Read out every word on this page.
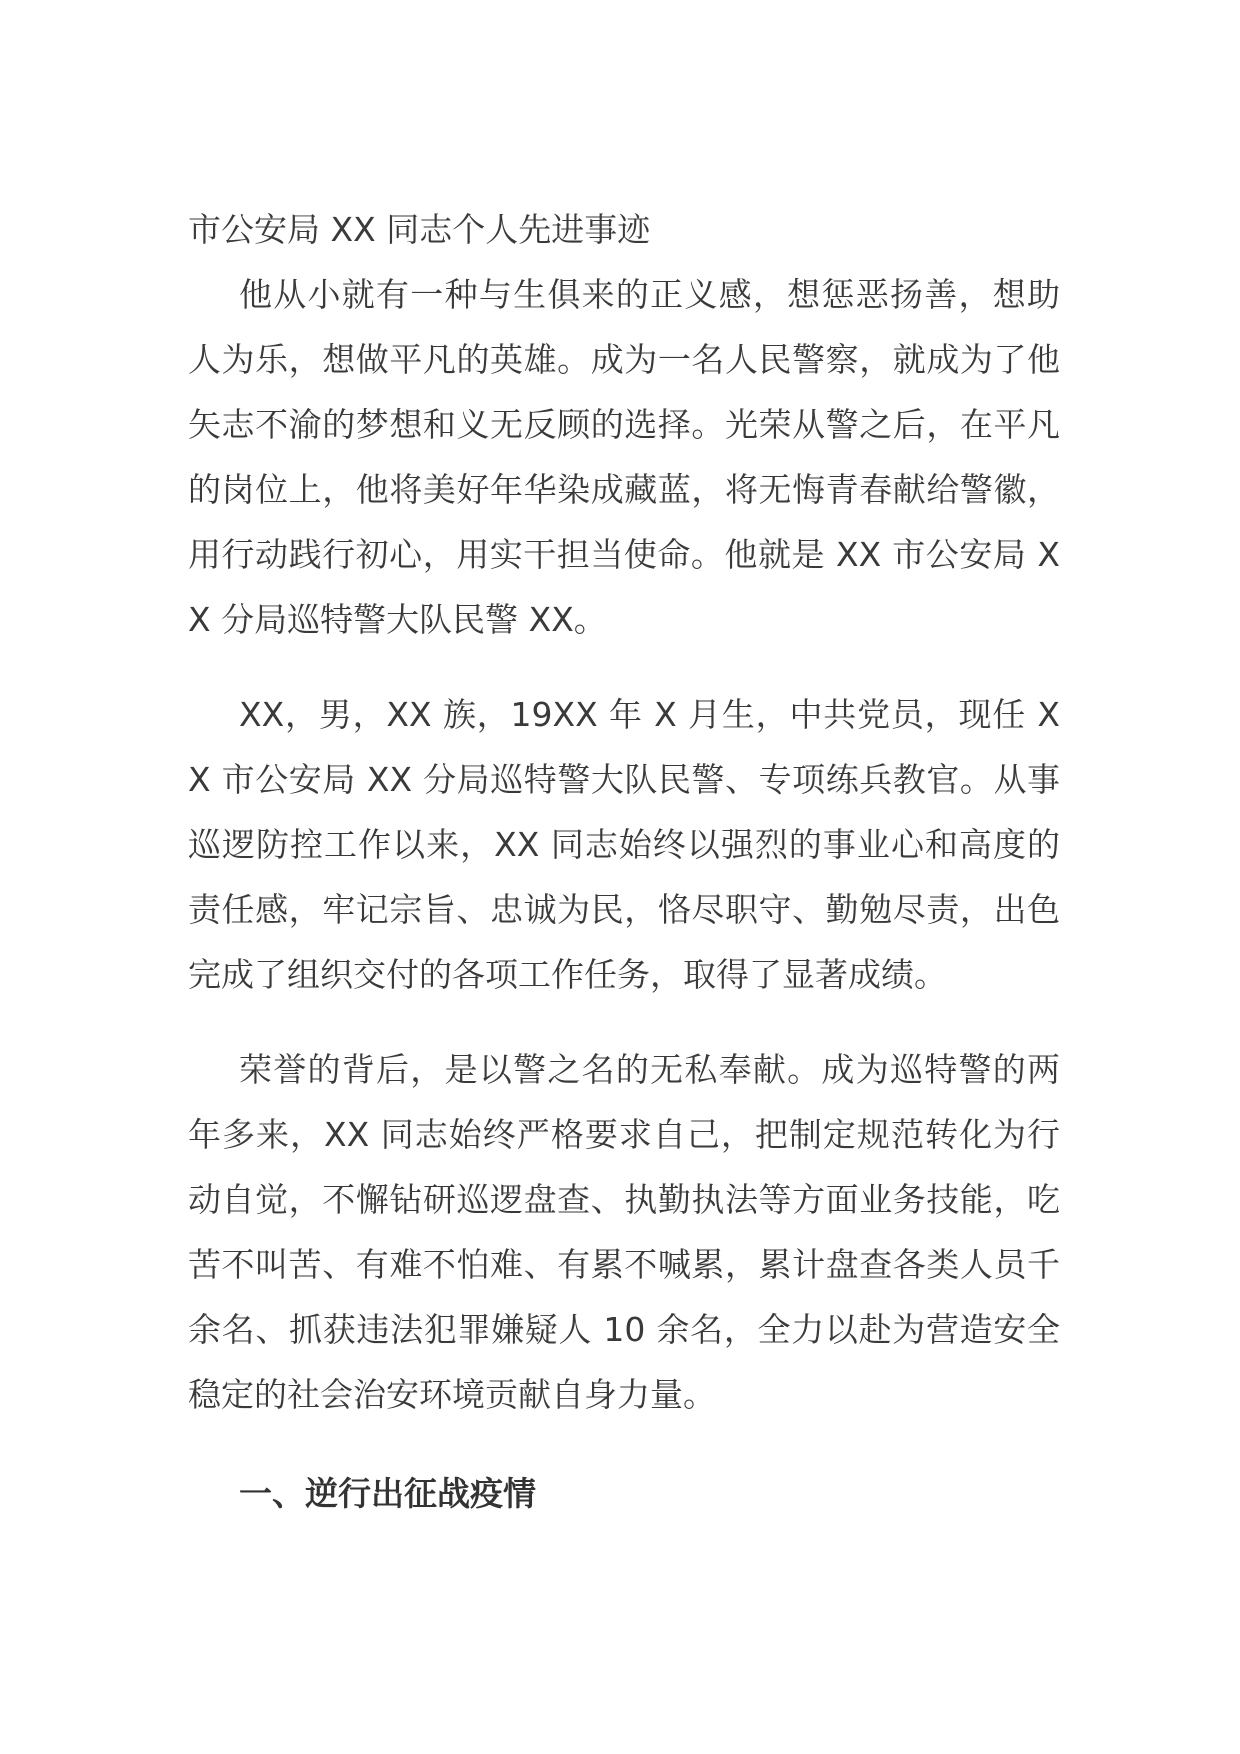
市公安局 XX 同志个人先进事迹

他从小就有一种与生俱来的正义感，想惩恶扬善，想助人为乐，想做平凡的英雄。成为一名人民警察，就成为了他矢志不渝的梦想和义无反顾的选择。光荣从警之后，在平凡的岗位上，他将美好年华染成藏蓝，将无悔青春献给警徽，用行动践行初心，用实干担当使命。他就是 XX 市公安局 XX 分局巡特警大队民警 XX。

XX，男，XX 族，19XX 年 X 月生，中共党员，现任 XX 市公安局 XX 分局巡特警大队民警、专项练兵教官。从事巡逻防控工作以来，XX 同志始终以强烈的事业心和高度的责任感，牢记宗旨、忠诚为民，恪尽职守、勤勉尽责，出色完成了组织交付的各项工作任务，取得了显著成绩。

荣誉的背后，是以警之名的无私奉献。成为巡特警的两年多来，XX 同志始终严格要求自己，把制定规范转化为行动自觉，不懈钻研巡逻盘查、执勤执法等方面业务技能，吃苦不叫苦、有难不怕难、有累不喊累，累计盘查各类人员千余名、抓获违法犯罪嫌疑人 10 余名，全力以赴为营造安全稳定的社会治安环境贡献自身力量。

一、逆行出征战疫情
